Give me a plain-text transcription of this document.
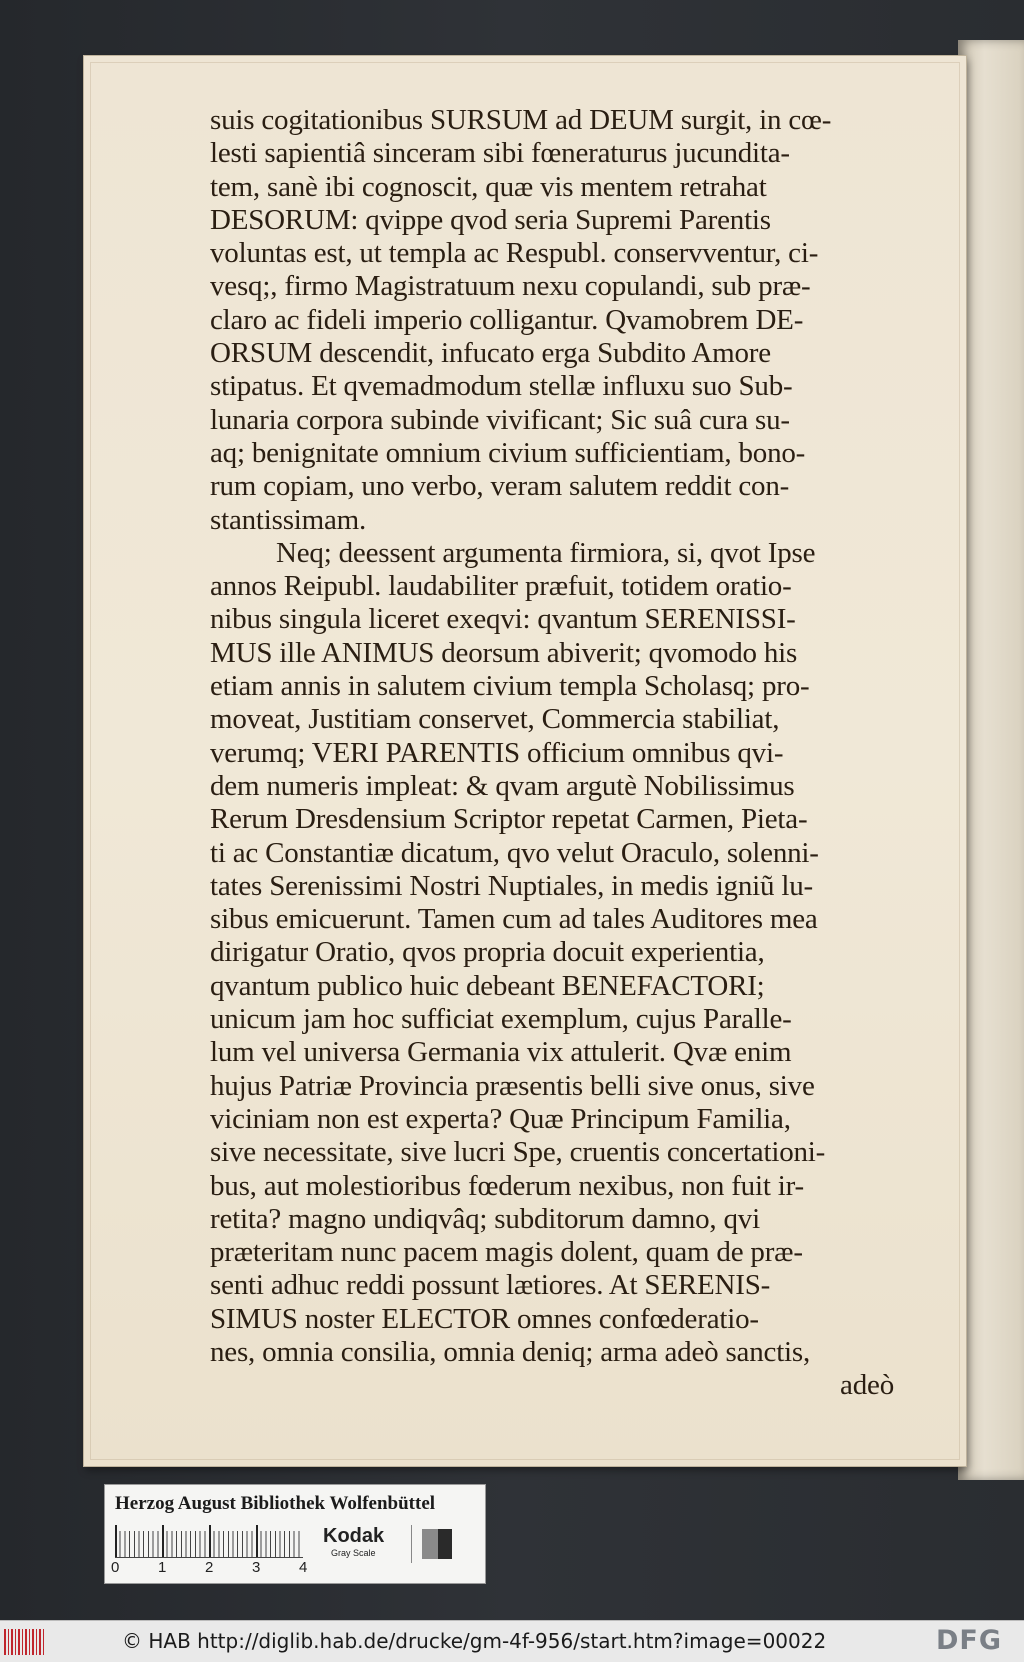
suis cogitationibus SURSUM ad DEUM surgit, in cœ-
lesti sapientiâ sinceram sibi fœneraturus jucundita-
tem, sanè ibi cognoscit, quæ vis mentem retrahat
DESORUM: qvippe qvod seria Supremi Parentis
voluntas est, ut templa ac Respubl. conservventur, ci-
vesq;, firmo Magistratuum nexu copulandi, sub præ-
claro ac fideli imperio colligantur. Qvamobrem DE-
ORSUM descendit, infucato erga Subdito Amore
stipatus. Et qvemadmodum stellæ influxu suo Sub-
lunaria corpora subinde vivificant; Sic suâ cura su-
aq; benignitate omnium civium sufficientiam, bono-
rum copiam, uno verbo, veram salutem reddit con-
stantissimam.

Neq; deessent argumenta firmiora, si, qvot Ipse
annos Reipubl. laudabiliter præfuit, totidem oratio-
nibus singula liceret exeqvi: qvantum SERENISSI-
MUS ille ANIMUS deorsum abiverit; qvomodo his
etiam annis in salutem civium templa Scholasq; pro-
moveat, Justitiam conservet, Commercia stabiliat,
verumq; VERI PARENTIS officium omnibus qvi-
dem numeris impleat: & qvam argutè Nobilissimus
Rerum Dresdensium Scriptor repetat Carmen, Pieta-
ti ac Constantiæ dicatum, qvo velut Oraculo, solenni-
tates Serenissimi Nostri Nuptiales, in medis igniũ lu-
sibus emicuerunt. Tamen cum ad tales Auditores mea
dirigatur Oratio, qvos propria docuit experientia,
qvantum publico huic debeant BENEFACTORI;
unicum jam hoc sufficiat exemplum, cujus Paralle-
lum vel universa Germania vix attulerit. Qvæ enim
hujus Patriæ Provincia præsentis belli sive onus, sive
viciniam non est experta? Quæ Principum Familia,
sive necessitate, sive lucri Spe, cruentis concertationi-
bus, aut molestioribus fœderum nexibus, non fuit ir-
retita? magno undiqvâq; subditorum damno, qvi
prætеritam nunc pacem magis dolent, quam de præ-
senti adhuc reddi possunt lætiores. At SERENIS-
SIMUS noster ELECTOR omnes confœderatio-
nes, omnia consilia, omnia deniq; arma adeò sanctis,

adeò
Herzog August Bibliothek Wolfenbüttel
0	1	2	3	4
Kodak
Gray Scale
© HAB http://diglib.hab.de/drucke/gm-4f-956/start.htm?image=00022	DFG
